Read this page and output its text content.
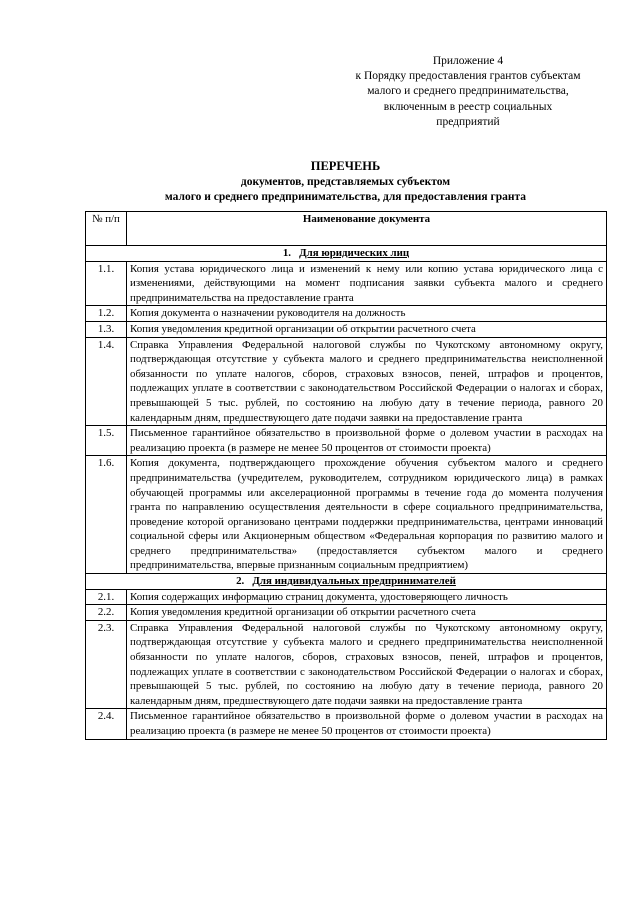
Приложение 4
к Порядку предоставления грантов субъектам
малого и среднего предпринимательства,
включенным в реестр социальных
предприятий
ПЕРЕЧЕНЬ
документов, представляемых субъектом
малого и среднего предпринимательства, для предоставления гранта
№ п/п	Наименование документа
1. Для юридических лиц	
1.1.	Копия устава юридического лица и изменений к нему или копию устава юридического лица с изменениями, действующими на момент подписания заявки субъекта малого и среднего предпринимательства на предоставление гранта
1.2.	Копия документа о назначении руководителя на должность
1.3.	Копия уведомления кредитной организации об открытии расчетного счета
1.4.	Справка Управления Федеральной налоговой службы по Чукотскому автономному округу, подтверждающая отсутствие у субъекта малого и среднего предпринимательства неисполненной обязанности по уплате налогов, сборов, страховых взносов, пеней, штрафов и процентов, подлежащих уплате в соответствии с законодательством Российской Федерации о налогах и сборах, превышающей 5 тыс. рублей, по состоянию на любую дату в течение периода, равного 20 календарным дням, предшествующего дате подачи заявки на предоставление гранта
1.5.	Письменное гарантийное обязательство в произвольной форме о долевом участии в расходах на реализацию проекта (в размере не менее 50 процентов от стоимости проекта)
1.6.	Копия документа, подтверждающего прохождение обучения субъектом малого и среднего предпринимательства (учредителем, руководителем, сотрудником юридического лица) в рамках обучающей программы или акселерационной программы в течение года до момента получения гранта по направлению осуществления деятельности в сфере социального предпринимательства, проведение которой организовано центрами поддержки предпринимательства, центрами инноваций социальной сферы или Акционерным обществом «Федеральная корпорация по развитию малого и среднего предпринимательства» (предоставляется субъектом малого и среднего предпринимательства, впервые признанным социальным предприятием)
2. Для индивидуальных предпринимателей	
2.1.	Копия содержащих информацию страниц документа, удостоверяющего личность
2.2.	Копия уведомления кредитной организации об открытии расчетного счета
2.3.	Справка Управления Федеральной налоговой службы по Чукотскому автономному округу, подтверждающая отсутствие у субъекта малого и среднего предпринимательства неисполненной обязанности по уплате налогов, сборов, страховых взносов, пеней, штрафов и процентов, подлежащих уплате в соответствии с законодательством Российской Федерации о налогах и сборах, превышающей 5 тыс. рублей, по состоянию на любую дату в течение периода, равного 20 календарным дням, предшествующего дате подачи заявки на предоставление гранта
2.4.	Письменное гарантийное обязательство в произвольной форме о долевом участии в расходах на реализацию проекта (в размере не менее 50 процентов от стоимости проекта)
